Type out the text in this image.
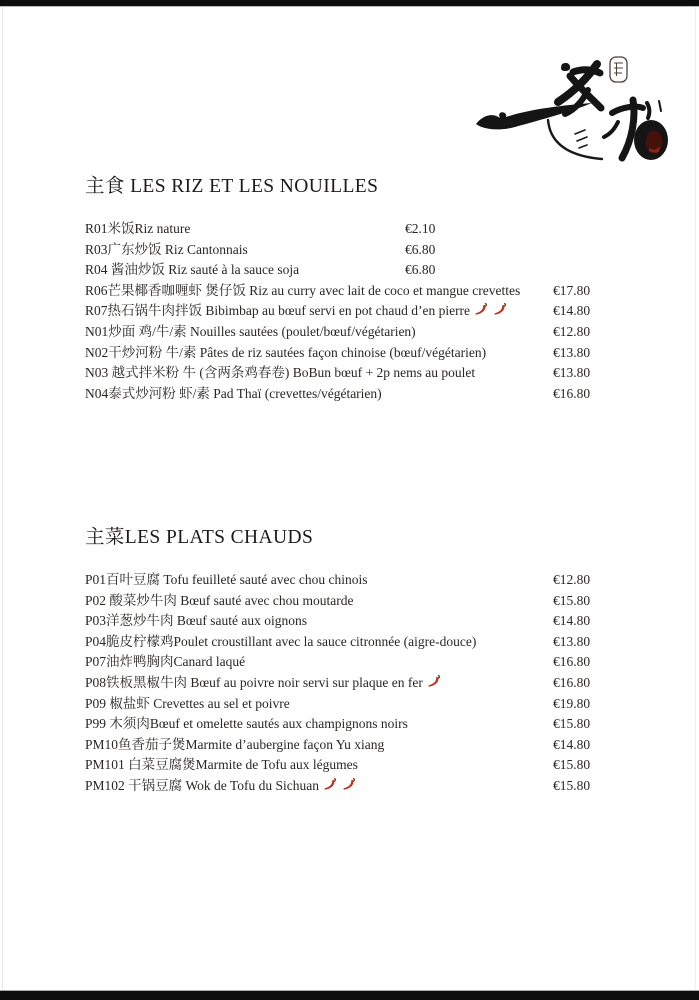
主食 LES RIZ ET LES NOUILLES
R01米饭Riz nature	€2.10
R03广东炒饭 Riz Cantonnais	€6.80
R04 酱油炒饭 Riz sauté à la sauce soja	€6.80
R06芒果椰香咖喱虾 煲仔饭 Riz au curry avec lait de coco et mangue crevettes €17.80
R07热石锅牛肉拌饭 Bibimbap au bœuf servi en pot chaud d’en pierre	€14.80
N01炒面 鸡/牛/素 Nouilles sautées (poulet/bœuf/végétarien)	€12.80
N02干炒河粉 牛/素 Pâtes de riz sautées façon chinoise (bœuf/végétarien)	€13.80
N03 越式拌米粉 牛 (含两条鸡春卷) BoBun bœuf + 2p nems au poulet	€13.80
N04泰式炒河粉 虾/素 Pad Thaï (crevettes/végétarien)	€16.80
主菜LES PLATS CHAUDS
P01百叶豆腐 Tofu feuilleté sauté avec chou chinois	€12.80
P02 酸菜炒牛肉 Bœuf sauté avec chou moutarde	€15.80
P03洋葱炒牛肉 Bœuf sauté aux oignons	€14.80
P04脆皮柠檬鸡Poulet croustillant avec la sauce citronnée (aigre-douce)	€13.80
P07油炸鸭胸肉Canard laqué	€16.80
P08铁板黑椒牛肉 Bœuf au poivre noir servi sur plaque en fer	€16.80
P09 椒盐虾 Crevettes au sel et poivre	€19.80
P99 木须肉Bœuf et omelette sautés aux champignons noirs	€15.80
PM10鱼香茄子煲Marmite d’aubergine façon Yu xiang	€14.80
PM101 白菜豆腐煲Marmite de Tofu aux légumes	€15.80
PM102 干锅豆腐 Wok de Tofu du Sichuan	€15.80
